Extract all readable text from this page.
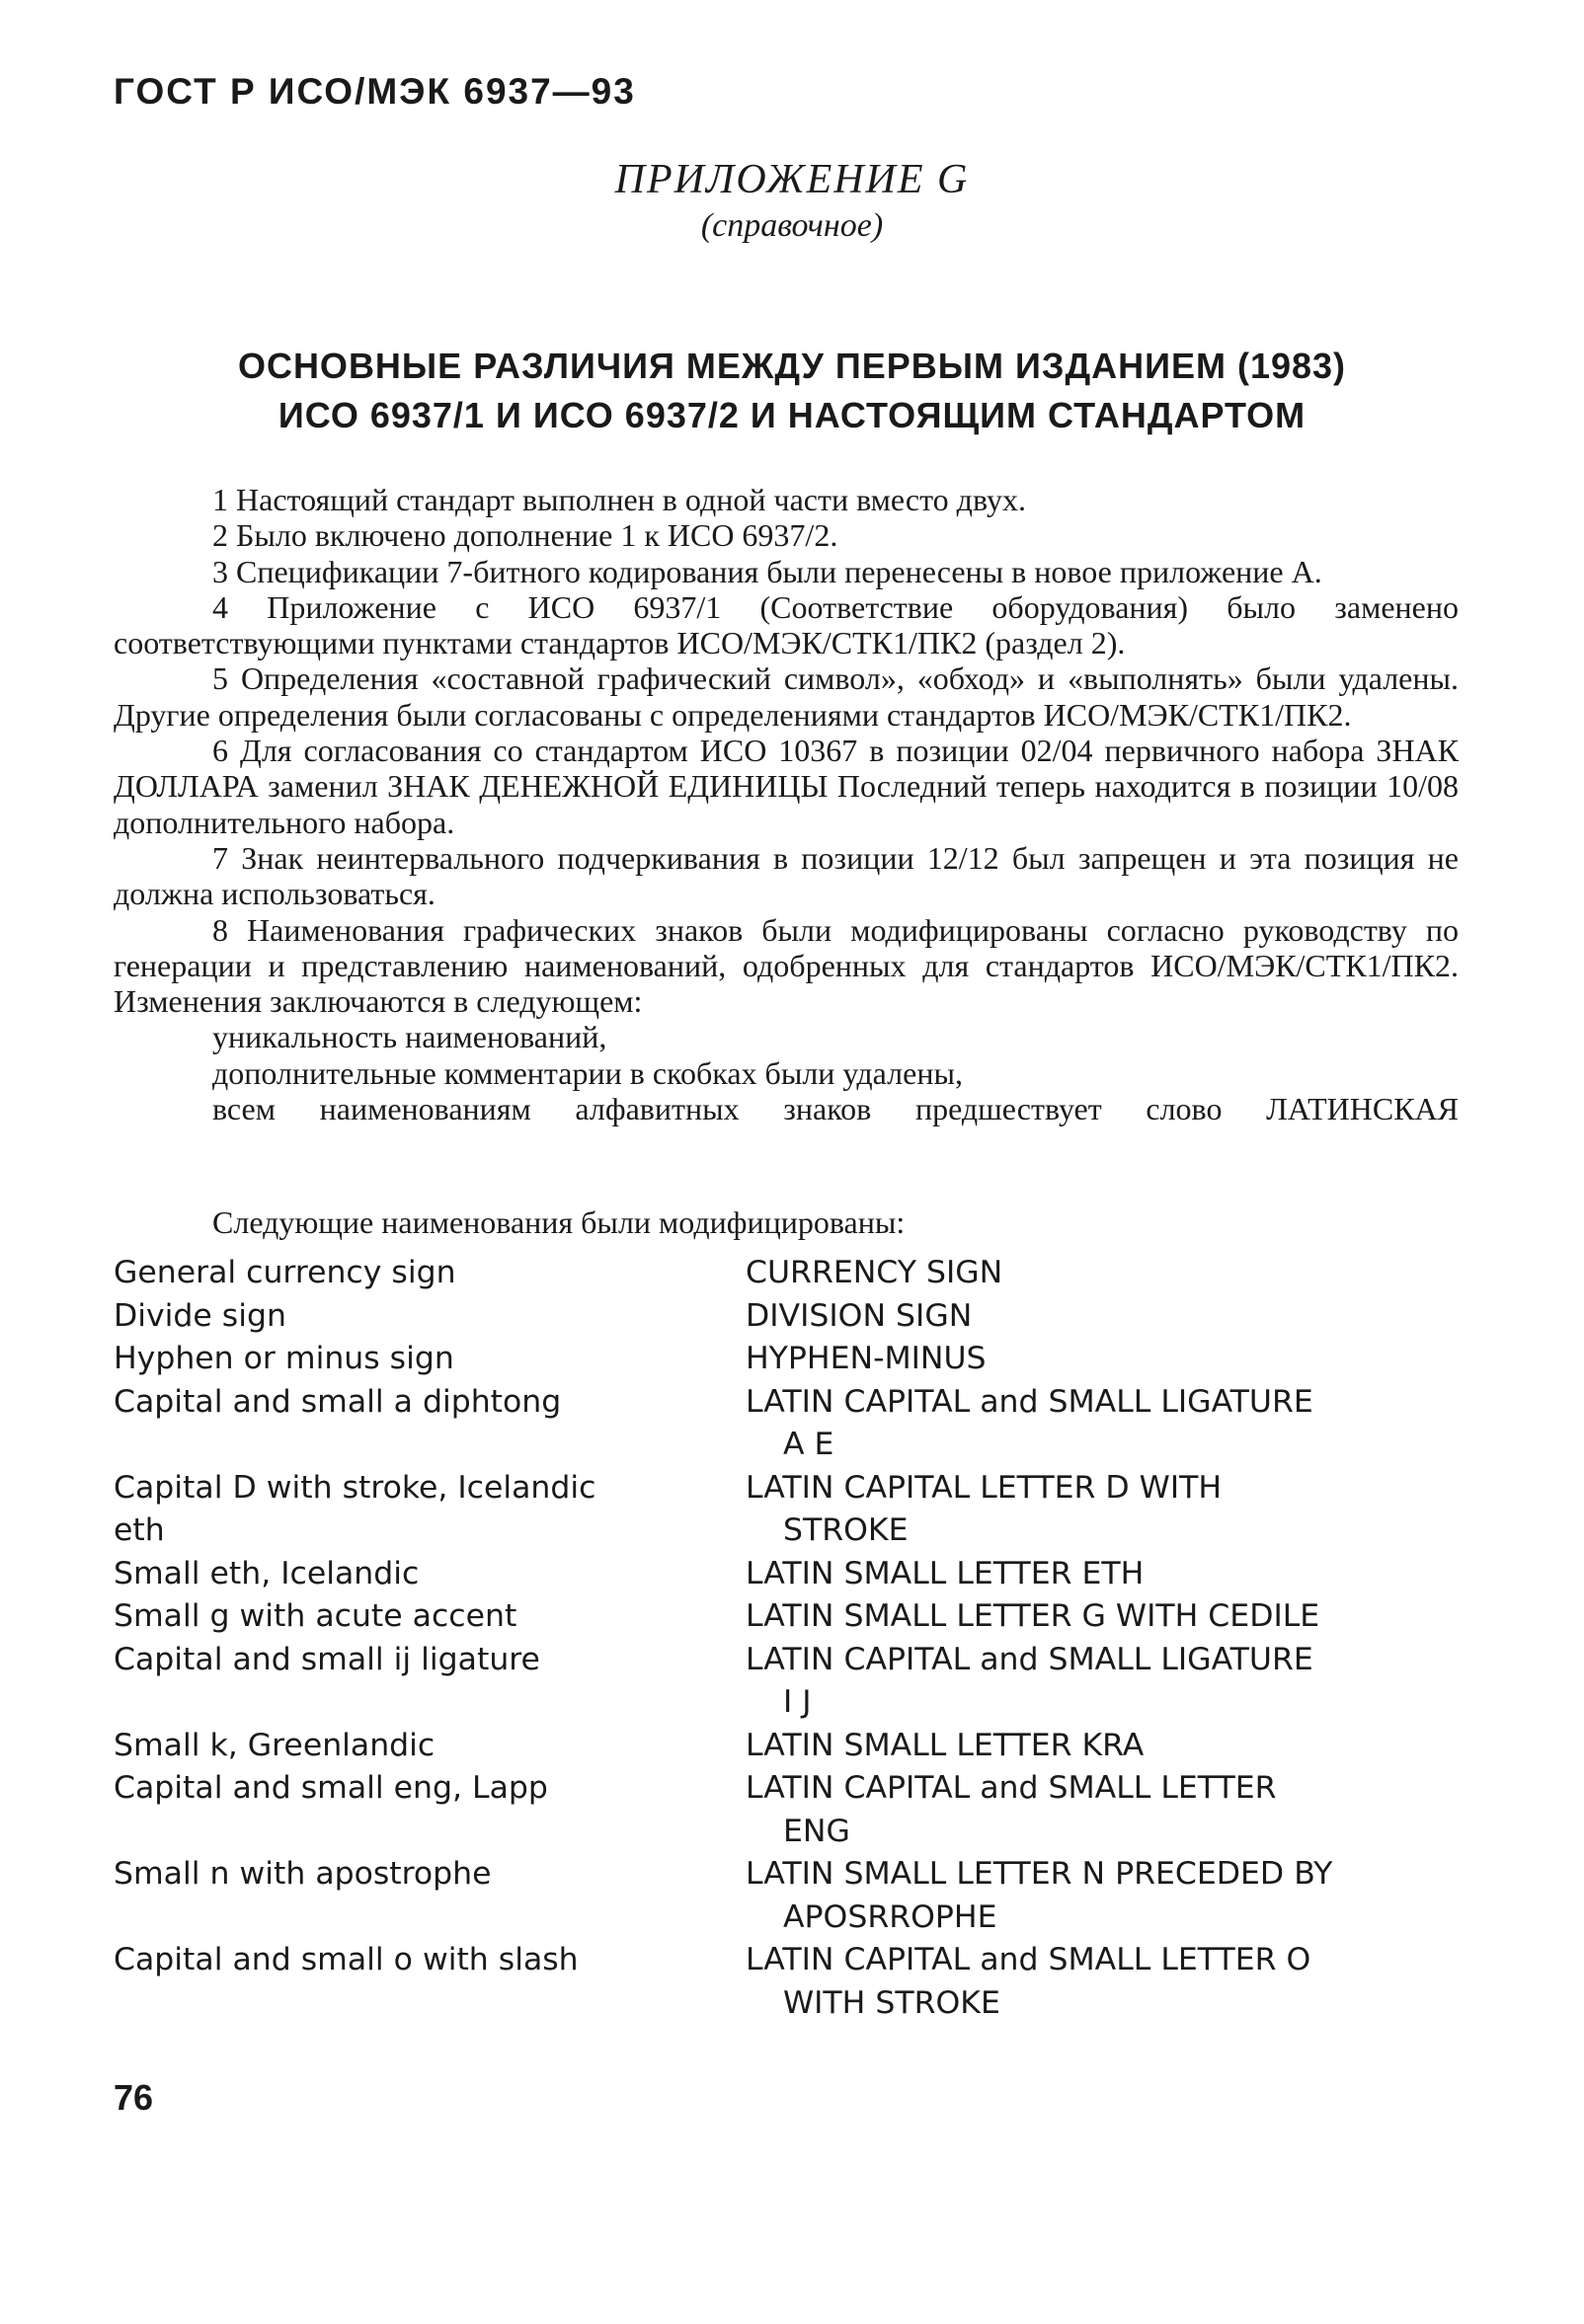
ГОСТ Р ИСО/МЭК 6937—93

ПРИЛОЖЕНИЕ G

(справочное)

ОСНОВНЫЕ РАЗЛИЧИЯ МЕЖДУ ПЕРВЫМ ИЗДАНИЕМ (1983)
ИСО 6937/1 И ИСО 6937/2 И НАСТОЯЩИМ СТАНДАРТОМ

1 Настоящий стандарт выполнен в одной части вместо двух.

2 Было включено дополнение 1 к ИСО 6937/2.

3 Спецификации 7-битного кодирования были перенесены в новое приложение А.

4 Приложение с ИСО 6937/1 (Соответствие оборудования) было заменено соответствующими пунктами стандартов ИСО/МЭК/СТК1/ПК2 (раздел 2).

5 Определения «составной графический символ», «обход» и «выполнять» были удалены. Другие определения были согласованы с определениями стандартов ИСО/МЭК/СТК1/ПК2.

6 Для согласования со стандартом ИСО 10367 в позиции 02/04 первичного набора ЗНАК ДОЛЛАРА заменил ЗНАК ДЕНЕЖНОЙ ЕДИНИЦЫ Последний теперь находится в позиции 10/08 дополнительного набора.

7 Знак неинтервального подчеркивания в позиции 12/12 был запрещен и эта позиция не должна использоваться.

8 Наименования графических знаков были модифицированы согласно руководству по генерации и представлению наименований, одобренных для стандартов ИСО/МЭК/СТК1/ПК2. Изменения заключаются в следующем:

уникальность наименований,
дополнительные комментарии в скобках были удалены,
всем наименованиям алфавитных знаков предшествует слово ЛАТИНСКАЯ

Следующие наименования были модифицированы:

General currency sign	CURRENCY SIGN

Divide sign	DIVISION SIGN

Hyphen or minus sign	HYPHEN-MINUS

Capital and small a diphtong	LATIN CAPITAL and SMALL LIGATURE
A E

Capital D with stroke, Icelandic
eth	LATIN CAPITAL LETTER D WITH
STROKE

Small eth, Icelandic	LATIN SMALL LETTER ETH

Small g with acute accent	LATIN SMALL LETTER G WITH CEDILE

Capital and small ij ligature	LATIN CAPITAL and SMALL LIGATURE
I J

Small k, Greenlandic	LATIN SMALL LETTER KRA

Capital and small eng, Lapp	LATIN CAPITAL and SMALL LETTER
ENG

Small n with apostrophe	LATIN SMALL LETTER N PRECEDED BY
APOSRROPHE

Capital and small o with slash	LATIN CAPITAL and SMALL LETTER O
WITH STROKE

76
